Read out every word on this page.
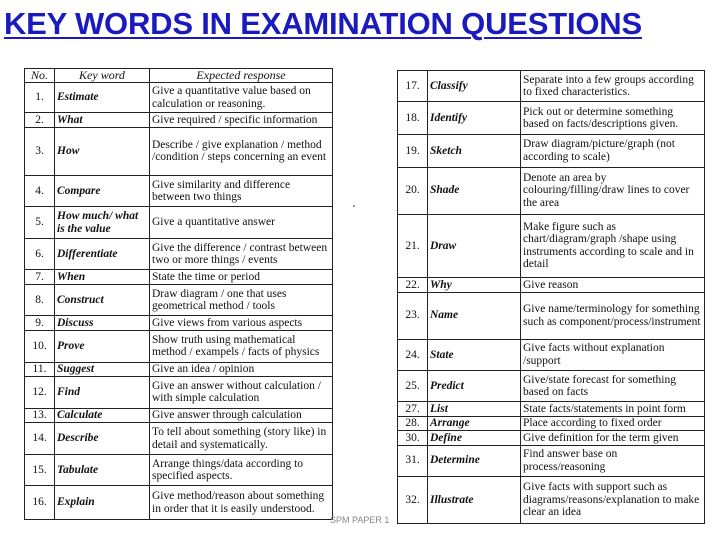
KEY WORDS IN EXAMINATION QUESTIONS
No.	Key word	Expected response
1.	Estimate	Give a quantitative value based on calculation or reasoning.
2.	What	Give required / specific information
3.	How	Describe / give explanation / method /condition / steps concerning an event
4.	Compare	Give similarity and difference between two things
5.	How much/ what is the value	Give a quantitative answer
6.	Differentiate	Give the difference / contrast between two or more things / events
7.	When	State the time or period
8.	Construct	Draw diagram / one that uses geometrical method / tools
9.	Discuss	Give views from various aspects
10.	Prove	Show truth using mathematical method / exampels / facts of physics
11.	Suggest	Give an idea / opinion
12.	Find	Give an answer without calculation / with simple calculation
13.	Calculate	Give answer through calculation
14.	Describe	To tell about something (story like) in detail and systematically.
15.	Tabulate	Arrange things/data according to specified aspects.
16.	Explain	Give method/reason about something in order that it is easily understood.
17.	Classify	Separate into a few groups according to fixed characteristics.
18.	Identify	Pick out or determine something based on facts/descriptions given.
19.	Sketch	Draw diagram/picture/graph (not according to scale)
20.	Shade	Denote an area by colouring/filling/draw lines to cover the area
21.	Draw	Make figure such as chart/diagram/graph /shape using instruments according to scale and in detail
22.	Why	Give reason
23.	Name	Give name/terminology for something such as component/process/instrument
24.	State	Give facts without explanation /support
25.	Predict	Give/state forecast for something based on facts
27.	List	State facts/statements in point form
28.	Arrange	Place according to fixed order
30.	Define	Give definition for the term given
31.	Determine	Find answer base on process/reasoning
32.	Illustrate	Give facts with support such as diagrams/reasons/explanation to make clear an idea
SPM PAPER 1
